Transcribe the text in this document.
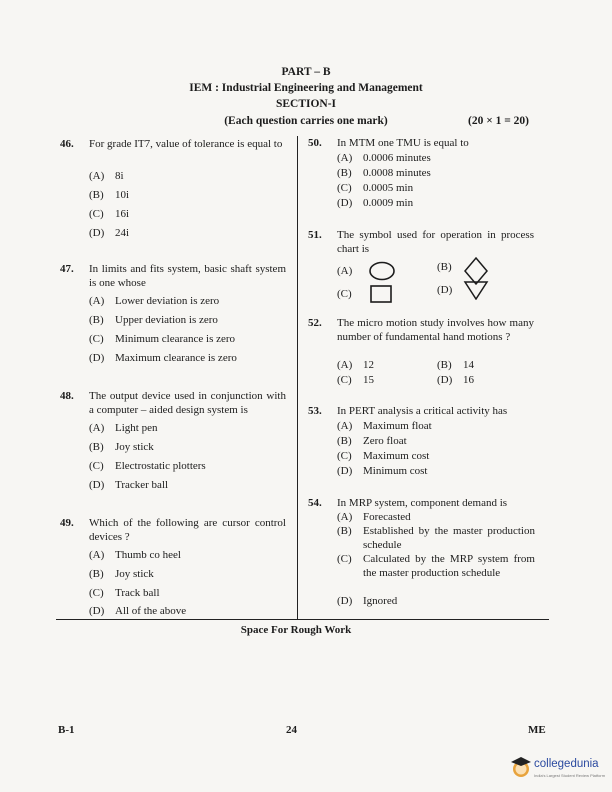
PART – B
IEM : Industrial Engineering and Management
SECTION-I
(Each question carries one mark)	(20 × 1 = 20)
46. For grade IT7, value of tolerance is equal to
(A) 8i
(B) 10i
(C) 16i
(D) 24i
47. In limits and fits system, basic shaft system is one whose
(A) Lower deviation is zero
(B) Upper deviation is zero
(C) Minimum clearance is zero
(D) Maximum clearance is zero
48. The output device used in conjunction with a computer – aided design system is
(A) Light pen
(B) Joy stick
(C) Electrostatic plotters
(D) Tracker ball
49. Which of the following are cursor control devices ?
(A) Thumb co heel
(B) Joy stick
(C) Track ball
(D) All of the above
50. In MTM one TMU is equal to
(A) 0.0006 minutes
(B) 0.0008 minutes
(C) 0.0005 min
(D) 0.0009 min
51. The symbol used for operation in process chart is
(A)
(C)
(B)
(D)
52. The micro motion study involves how many number of fundamental hand motions ?
(A) 12	(B) 14
(C) 15	(D) 16
53. In PERT analysis a critical activity has
(A) Maximum float
(B) Zero float
(C) Maximum cost
(D) Minimum cost
54. In MRP system, component demand is
(A) Forecasted
(B)	Established by the master production schedule
(C)	Calculated by the MRP system from the master production schedule
(D) Ignored
Space For Rough Work
B-1	24	ME
collegedunia
India's Largest Student Review Platform
